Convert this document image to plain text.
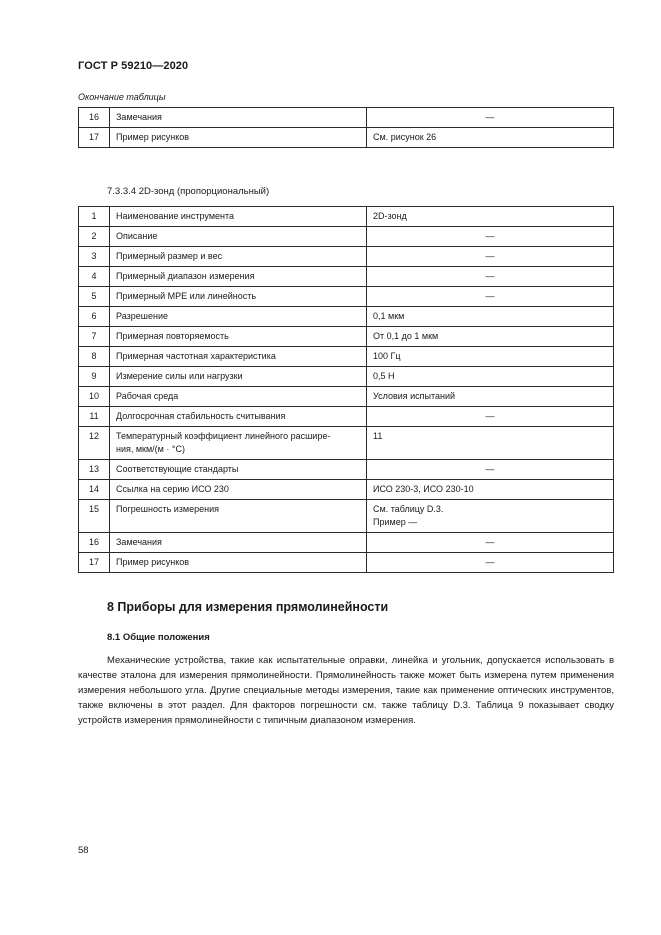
ГОСТ Р 59210—2020
Окончание таблицы
16	Замечания	—
17	Пример рисунков	См. рисунок 26
7.3.3.4 2D-зонд (пропорциональный)
1	Наименование инструмента	2D-зонд
2	Описание	—
3	Примерный размер и вес	—
4	Примерный диапазон измерения	—
5	Примерный MPE или линейность	—
6	Разрешение	0,1 мкм
7	Примерная повторяемость	От 0,1 до 1 мкм
8	Примерная частотная характеристика	100 Гц
9	Измерение силы или нагрузки	0,5 Н
10	Рабочая среда	Условия испытаний
11	Долгосрочная стабильность считывания	—
12	Температурный коэффициент линейного расшире-
ния, мкм/(м · °C)	11
13	Соответствующие стандарты	—
14	Ссылка на серию ИСО 230	ИСО 230-3, ИСО 230-10
15	Погрешность измерения	См. таблицу D.3.
Пример —

16	Замечания	—
17	Пример рисунков	—
8 Приборы для измерения прямолинейности
8.1 Общие положения

Механические устройства, такие как испытательные оправки, линейка и угольник, допускается использовать в качестве эталона для измерения прямолинейности. Прямолинейность также может быть измерена путем применения измерения небольшого угла. Другие специальные методы измерения, такие как применение оптических инструментов, также включены в этот раздел. Для факторов погрешности см. также таблицу D.3. Таблица 9 показывает сводку устройств измерения прямолинейности с типичным диапазоном измерения.

58
